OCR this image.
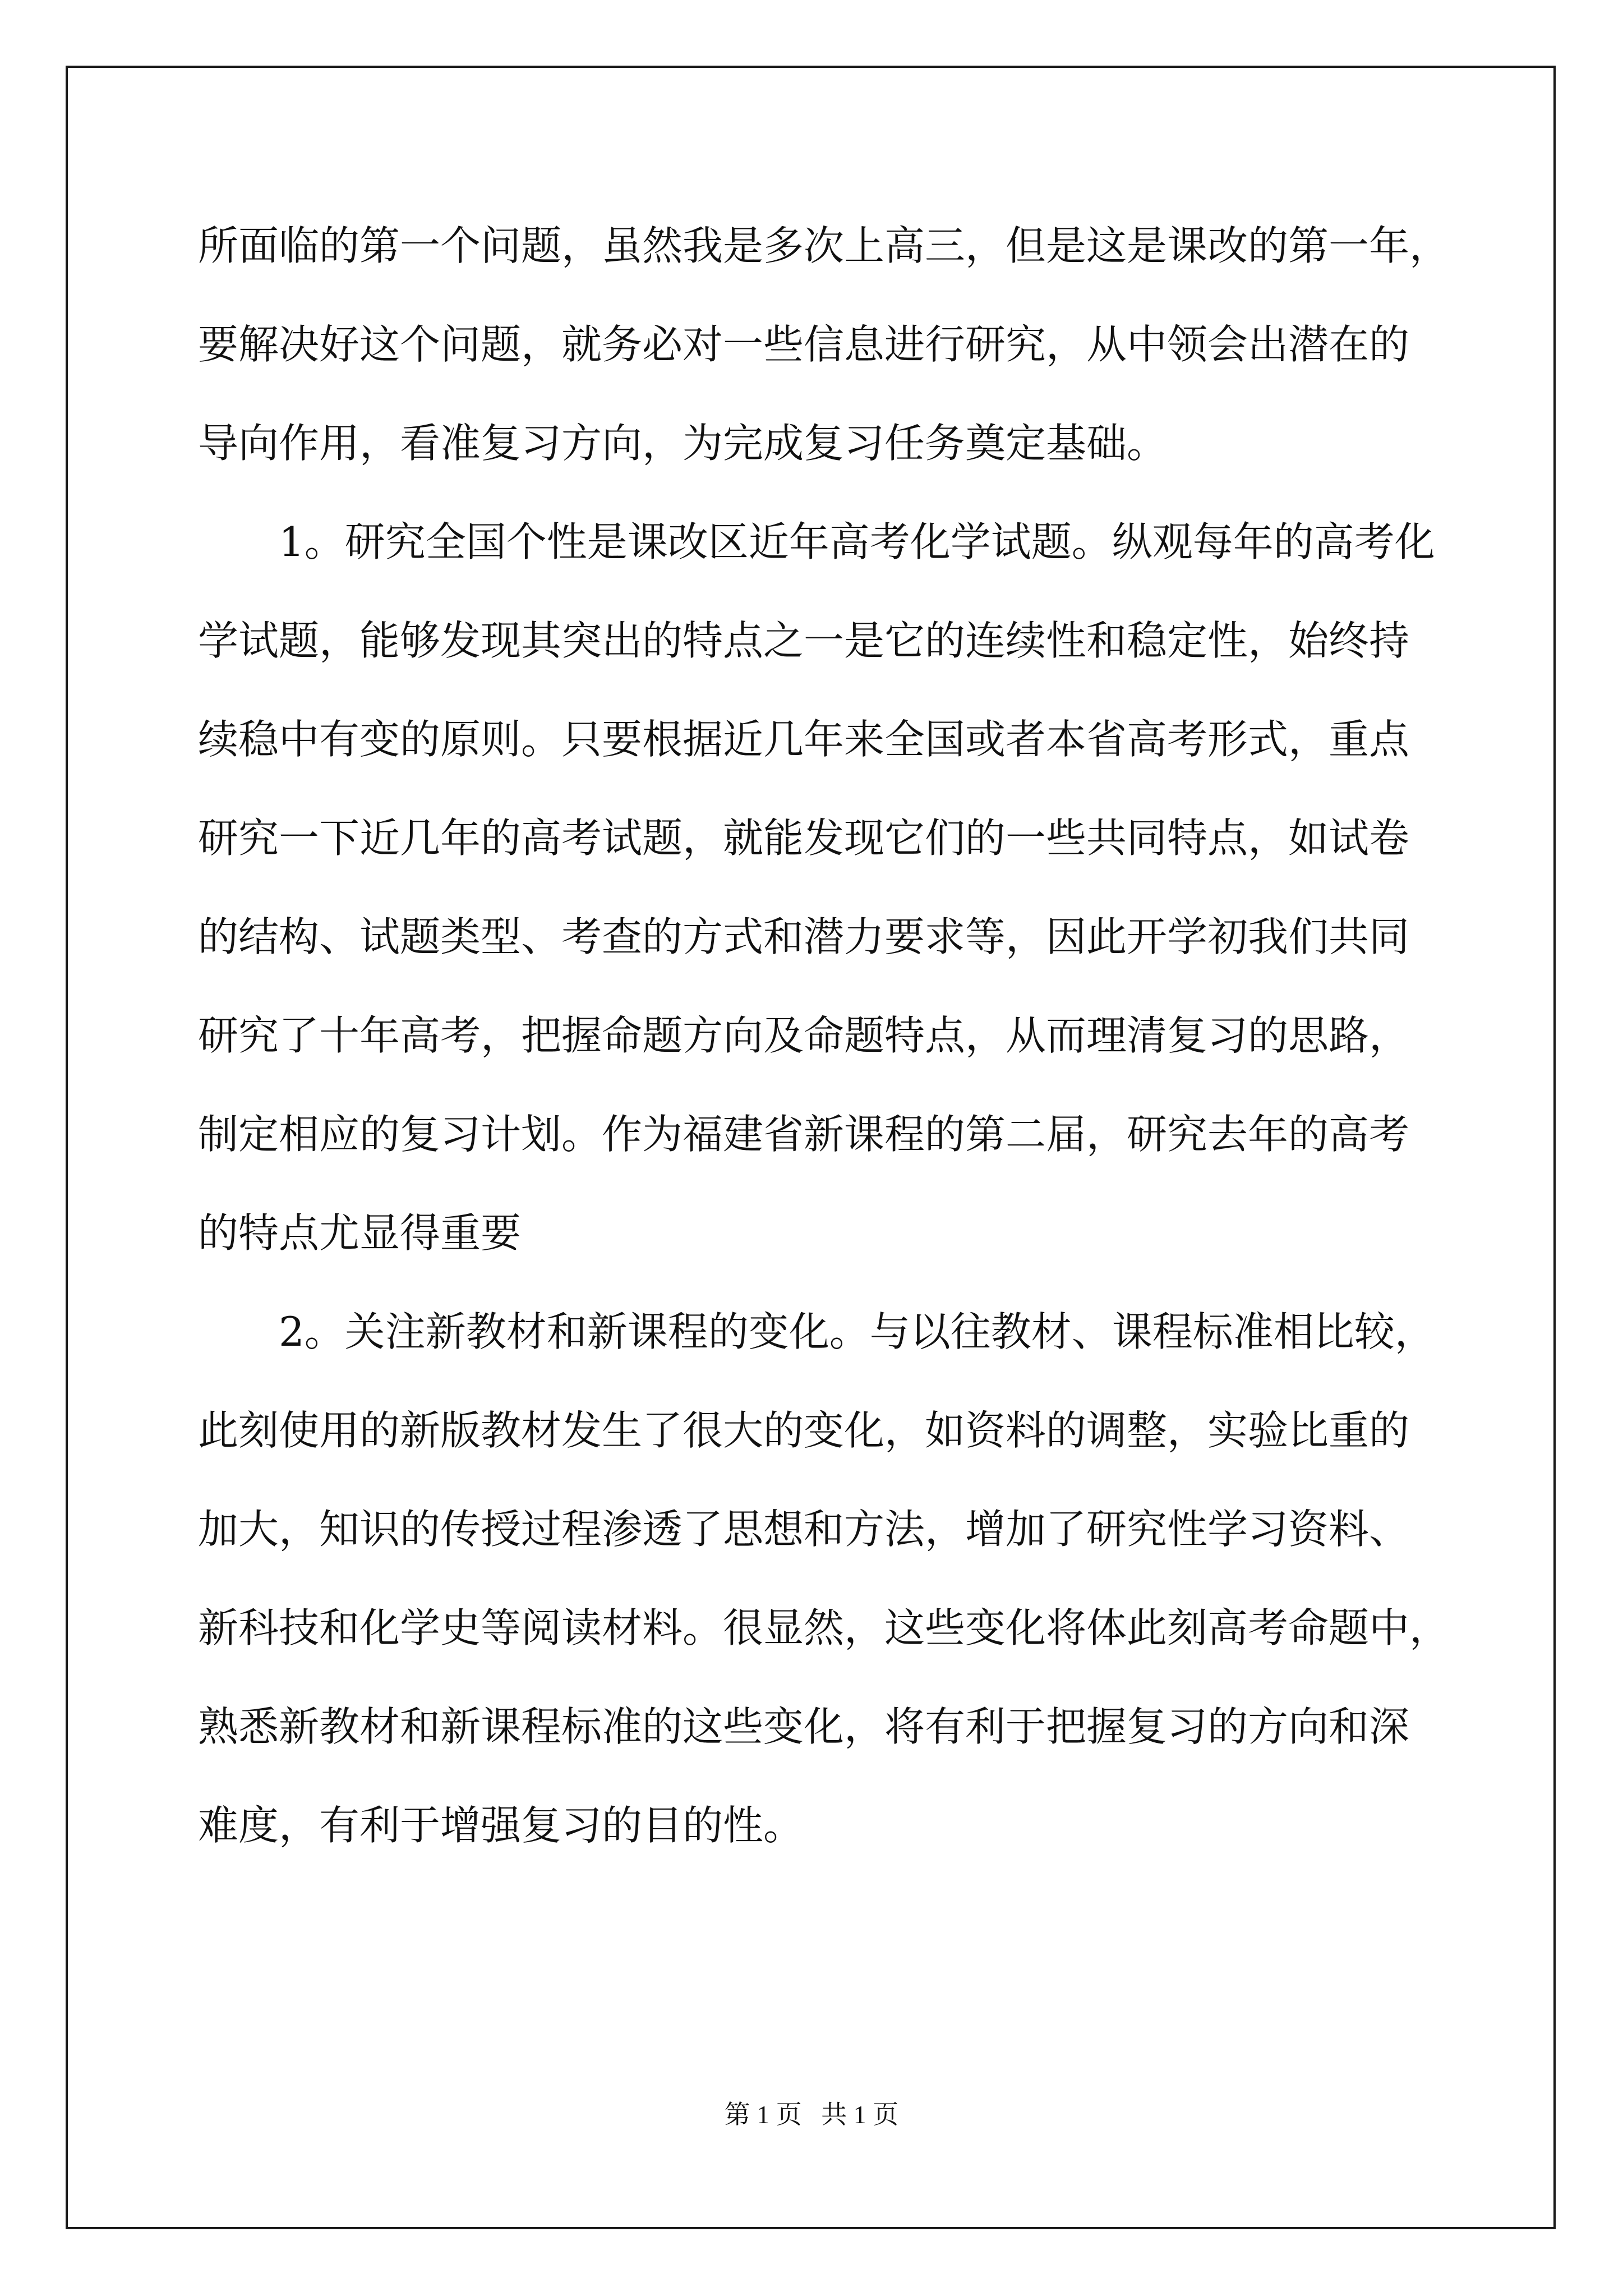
所面临的第一个问题，虽然我是多次上高三，但是这是课改的第一年，
要解决好这个问题，就务必对一些信息进行研究，从中领会出潜在的
导向作用，看准复习方向，为完成复习任务奠定基础。
1。研究全国个性是课改区近年高考化学试题。纵观每年的高考化
学试题，能够发现其突出的特点之一是它的连续性和稳定性，始终持
续稳中有变的原则。只要根据近几年来全国或者本省高考形式，重点
研究一下近几年的高考试题，就能发现它们的一些共同特点，如试卷
的结构、试题类型、考查的方式和潜力要求等，因此开学初我们共同
研究了十年高考，把握命题方向及命题特点，从而理清复习的思路，
制定相应的复习计划。作为福建省新课程的第二届，研究去年的高考
的特点尤显得重要
2。关注新教材和新课程的变化。与以往教材、课程标准相比较，
此刻使用的新版教材发生了很大的变化，如资料的调整，实验比重的
加大，知识的传授过程渗透了思想和方法，增加了研究性学习资料、
新科技和化学史等阅读材料。很显然，这些变化将体此刻高考命题中，
熟悉新教材和新课程标准的这些变化，将有利于把握复习的方向和深
难度，有利于增强复习的目的性。
第 1 页   共 1 页
